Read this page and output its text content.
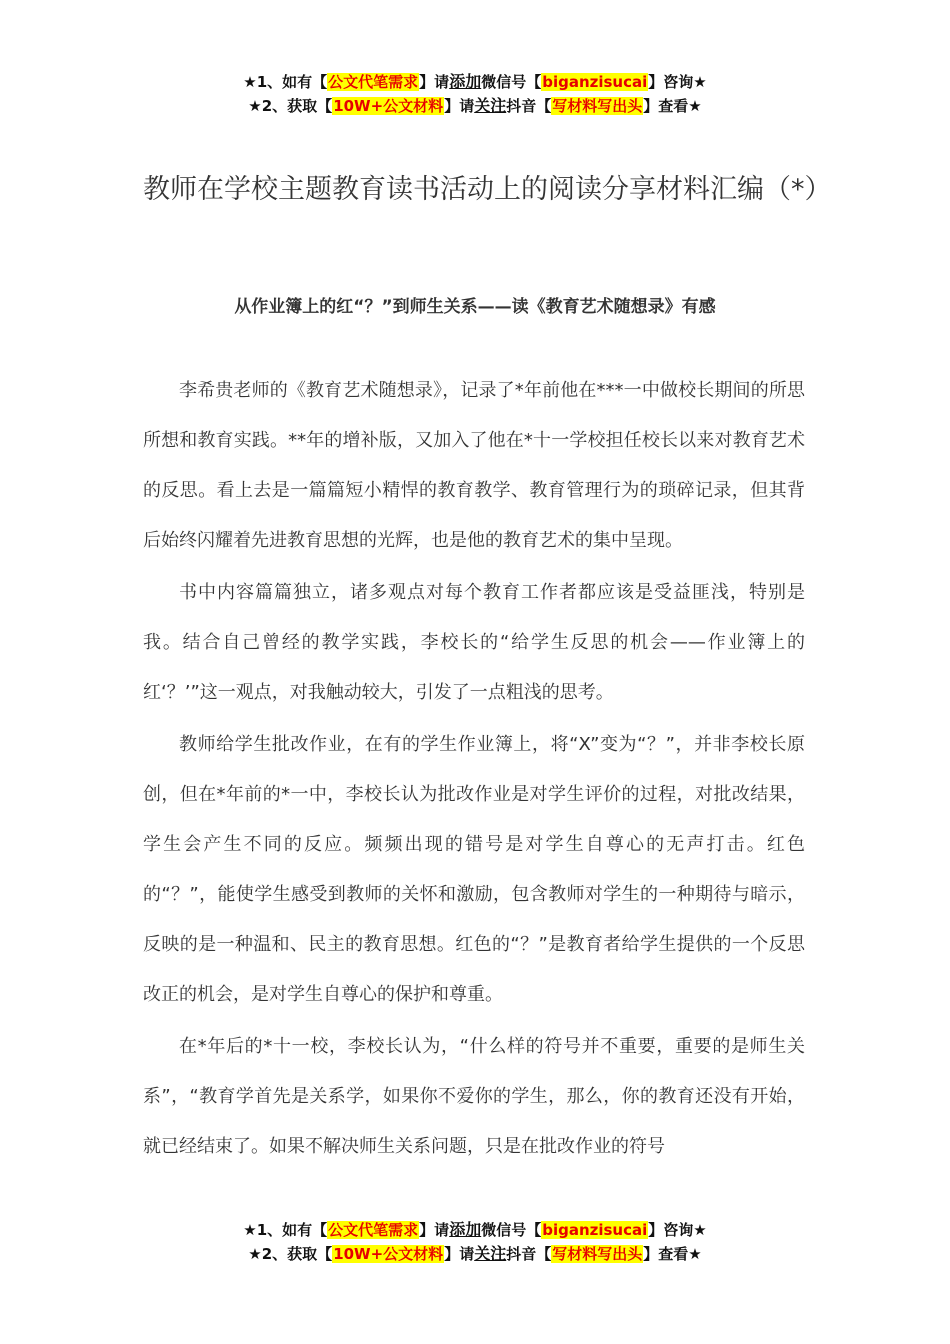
★1、如有【公文代笔需求】请添加微信号【biganzisucai】咨询★
★2、获取【10W+公文材料】请关注抖音【写材料写出头】查看★
教师在学校主题教育读书活动上的阅读分享材料汇编（*）
从作业簿上的红“？”到师生关系——读《教育艺术随想录》有感

李希贵老师的《教育艺术随想录》，记录了*年前他在***一中做校长期间的所思所想和教育实践。**年的增补版，又加入了他在*十一学校担任校长以来对教育艺术的反思。看上去是一篇篇短小精悍的教育教学、教育管理行为的琐碎记录，但其背后始终闪耀着先进教育思想的光辉，也是他的教育艺术的集中呈现。

书中内容篇篇独立，诸多观点对每个教育工作者都应该是受益匪浅，特别是我。结合自己曾经的教学实践，李校长的“给学生反思的机会——作业簿上的红‘？’”这一观点，对我触动较大，引发了一点粗浅的思考。

教师给学生批改作业，在有的学生作业簿上，将“X”变为“？”，并非李校长原创，但在*年前的*一中，李校长认为批改作业是对学生评价的过程，对批改结果，学生会产生不同的反应。频频出现的错号是对学生自尊心的无声打击。红色的“？”，能使学生感受到教师的关怀和激励，包含教师对学生的一种期待与暗示，反映的是一种温和、民主的教育思想。红色的“？”是教育者给学生提供的一个反思改正的机会，是对学生自尊心的保护和尊重。

在*年后的*十一校，李校长认为，“什么样的符号并不重要，重要的是师生关系”，“教育学首先是关系学，如果你不爱你的学生，那么，你的教育还没有开始，就已经结束了。如果不解决师生关系问题，只是在批改作业的符号

★1、如有【公文代笔需求】请添加微信号【biganzisucai】咨询★
★2、获取【10W+公文材料】请关注抖音【写材料写出头】查看★
